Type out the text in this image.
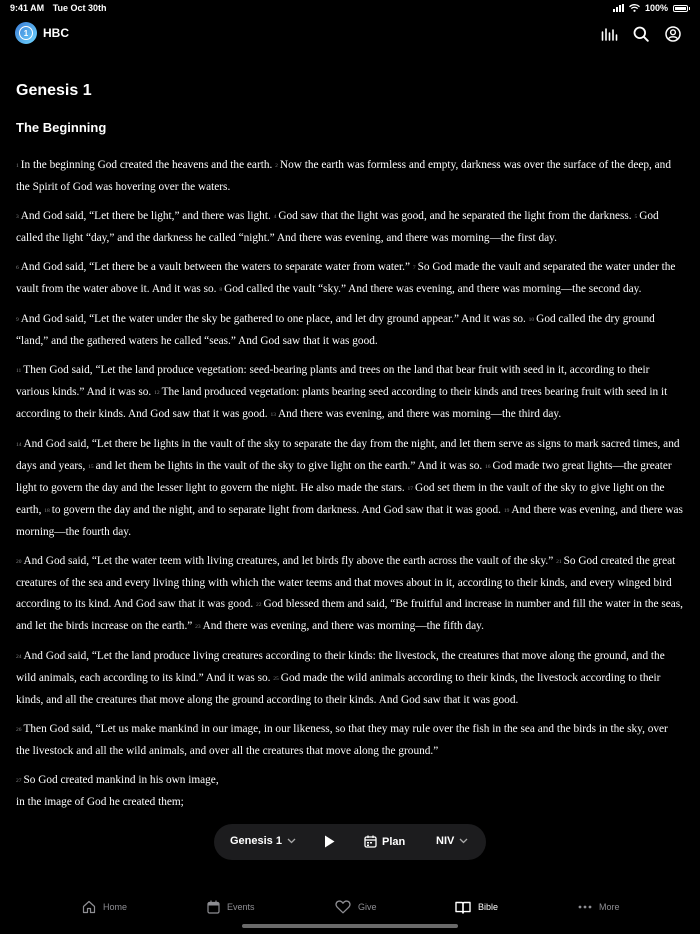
9:41 AM Tue Oct 30th	100%
1	HBC
Genesis 1
The Beginning

1 In the beginning God created the heavens and the earth. 2 Now the earth was formless and empty, darkness was over the surface of the deep, and the Spirit of God was hovering over the waters.

3 And God said, “Let there be light,” and there was light. 4 God saw that the light was good, and he separated the light from the darkness. 5 God called the light “day,” and the darkness he called “night.” And there was evening, and there was morning—the first day.

6 And God said, “Let there be a vault between the waters to separate water from water.” 7 So God made the vault and separated the water under the vault from the water above it. And it was so. 8 God called the vault “sky.” And there was evening, and there was morning—the second day.

9 And God said, “Let the water under the sky be gathered to one place, and let dry ground appear.” And it was so. 10 God called the dry ground “land,” and the gathered waters he called “seas.” And God saw that it was good.

11 Then God said, “Let the land produce vegetation: seed-bearing plants and trees on the land that bear fruit with seed in it, according to their various kinds.” And it was so. 12 The land produced vegetation: plants bearing seed according to their kinds and trees bearing fruit with seed in it according to their kinds. And God saw that it was good. 13 And there was evening, and there was morning—the third day.

14 And God said, “Let there be lights in the vault of the sky to separate the day from the night, and let them serve as signs to mark sacred times, and days and years, 15 and let them be lights in the vault of the sky to give light on the earth.” And it was so. 16 God made two great lights—the greater light to govern the day and the lesser light to govern the night. He also made the stars. 17 God set them in the vault of the sky to give light on the earth, 18 to govern the day and the night, and to separate light from darkness. And God saw that it was good. 19 And there was evening, and there was morning—the fourth day.

20 And God said, “Let the water teem with living creatures, and let birds fly above the earth across the vault of the sky.” 21 So God created the great creatures of the sea and every living thing with which the water teems and that moves about in it, according to their kinds, and every winged bird according to its kind. And God saw that it was good. 22 God blessed them and said, “Be fruitful and increase in number and fill the water in the seas, and let the birds increase on the earth.” 23 And there was evening, and there was morning—the fifth day.

24 And God said, “Let the land produce living creatures according to their kinds: the livestock, the creatures that move along the ground, and the wild animals, each according to its kind.” And it was so. 25 God made the wild animals according to their kinds, the livestock according to their kinds, and all the creatures that move along the ground according to their kinds. And God saw that it was good.

26 Then God said, “Let us make mankind in our image, in our likeness, so that they may rule over the fish in the sea and the birds in the sky, over the livestock and all the wild animals, and over all the creatures that move along the ground.”

27 So God created mankind in his own image,
in the image of God he created them;

Genesis 1	Plan	NIV
Home	Events	Give	Bible	More
